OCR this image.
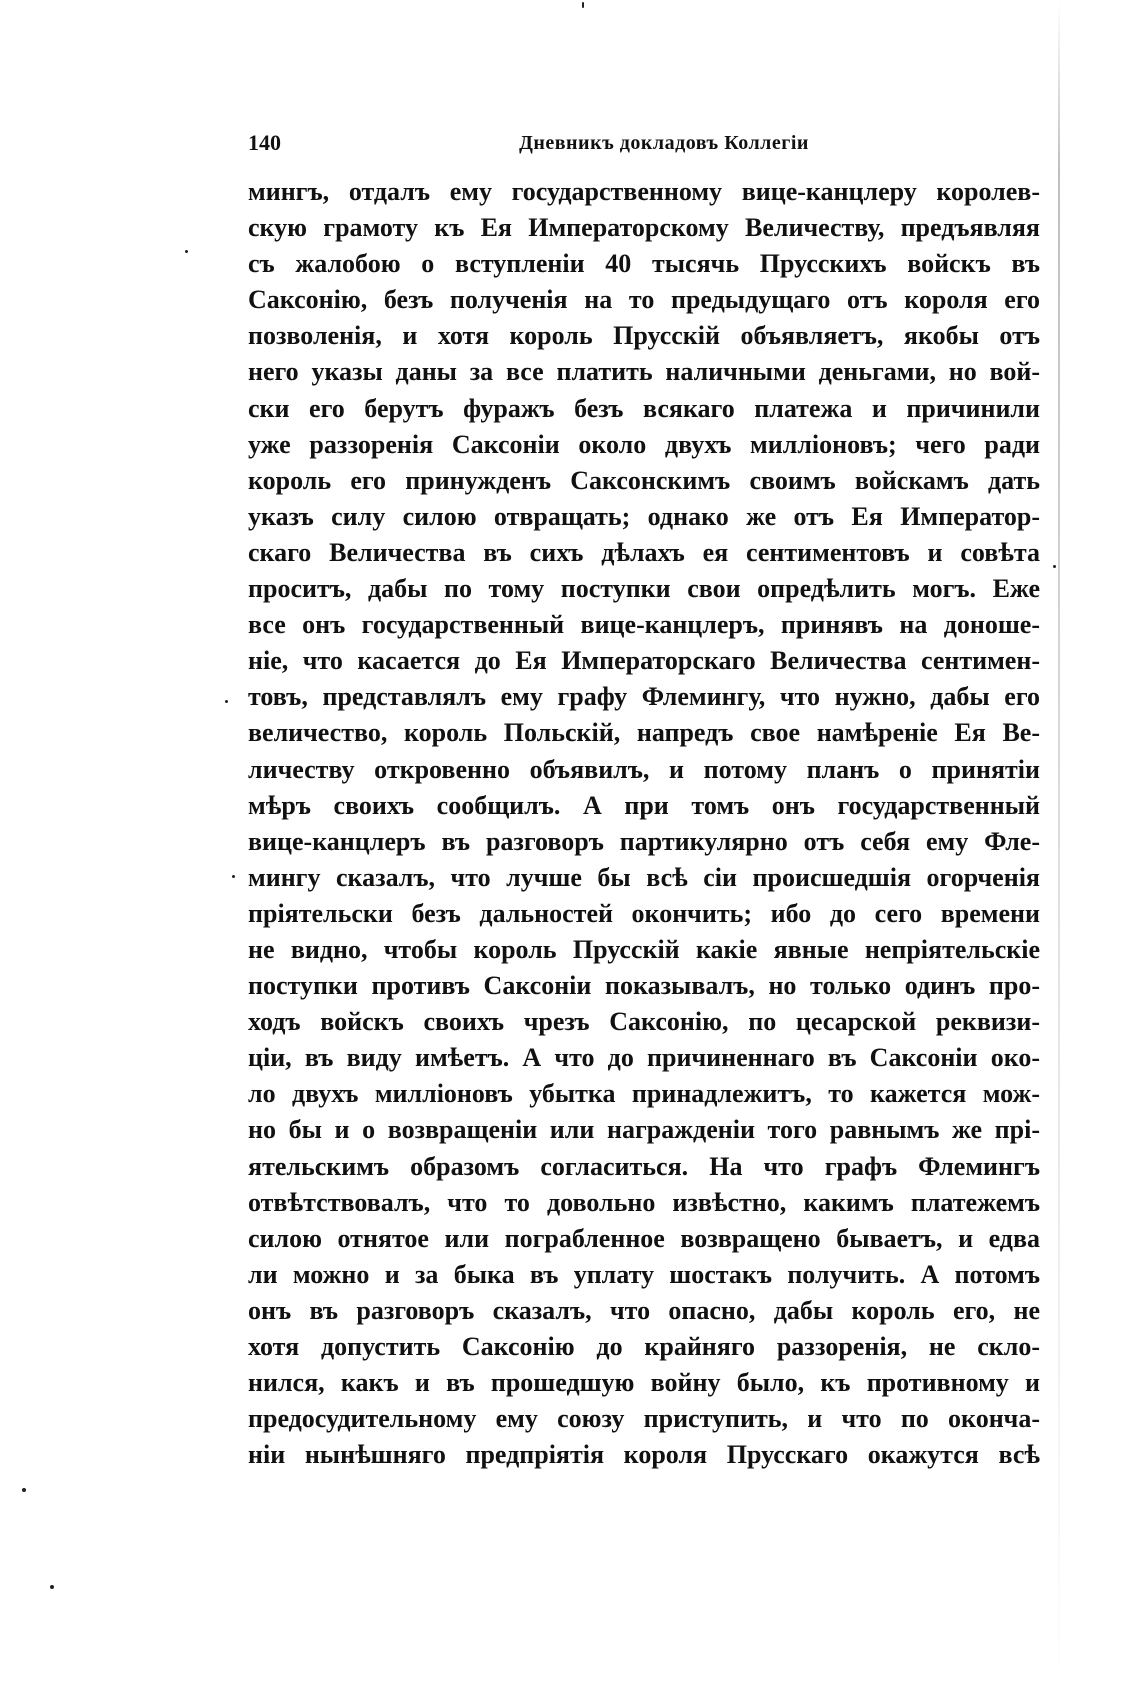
140	Дневникъ докладовъ Коллегіи
мингъ, отдалъ ему государственному вице-канцлеру королев-
скую грамоту къ Ея Императорскому Величеству, предъявляя
съ жалобою о вступленіи 40 тысячь Прусскихъ войскъ въ
Саксонію, безъ полученія на то предыдущаго отъ короля его
позволенія, и хотя король Прусскій объявляетъ, якобы отъ
него указы даны за все платить наличными деньгами, но вой-
ски его берутъ фуражъ безъ всякаго платежа и причинили
уже раззоренія Саксоніи около двухъ милліоновъ; чего ради
король его принужденъ Саксонскимъ своимъ войскамъ дать
указъ силу силою отвращать; однако же отъ Ея Император-
скаго Величества въ сихъ дѣлахъ ея сентиментовъ и совѣта
проситъ, дабы по тому поступки свои опредѣлить могъ. Еже
все онъ государственный вице-канцлеръ, принявъ на доноше-
ніе, что касается до Ея Императорскаго Величества сентимен-
товъ, представлялъ ему графу Флемингу, что нужно, дабы его
величество, король Польскій, напредъ свое намѣреніе Ея Ве-
личеству откровенно объявилъ, и потому планъ о принятіи
мѣръ своихъ сообщилъ. А при томъ онъ государственный
вице-канцлеръ въ разговоръ партикулярно отъ себя ему Фле-
мингу сказалъ, что лучше бы всѣ сіи происшедшія огорченія
пріятельски безъ дальностей окончить; ибо до сего времени
не видно, чтобы король Прусскій какіе явные непріятельскіе
поступки противъ Саксоніи показывалъ, но только одинъ про-
ходъ войскъ своихъ чрезъ Саксонію, по цесарской реквизи-
ціи, въ виду имѣетъ. А что до причиненнаго въ Саксоніи око-
ло двухъ милліоновъ убытка принадлежитъ, то кажется мож-
но бы и о возвращеніи или награжденіи того равнымъ же прі-
ятельскимъ образомъ согласиться. На что графъ Флемингъ
отвѣтствовалъ, что то довольно извѣстно, какимъ платежемъ
силою отнятое или пограбленное возвращено бываетъ, и едва
ли можно и за быка въ уплату шостакъ получить. А потомъ
онъ въ разговоръ сказалъ, что опасно, дабы король его, не
хотя допустить Саксонію до крайняго раззоренія, не скло-
нился, какъ и въ прошедшую войну было, къ противному и
предосудительному ему союзу приступить, и что по оконча-
ніи нынѣшняго предпріятія короля Прусскаго окажутся всѣ
